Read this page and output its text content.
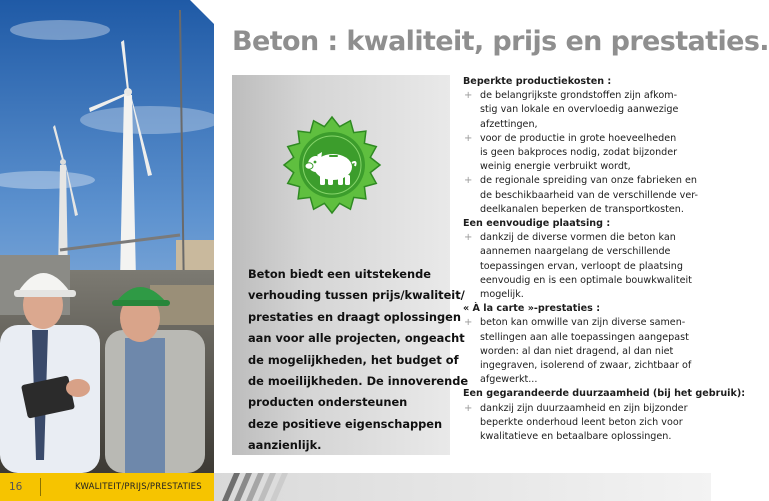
Beton : kwaliteit, prijs en prestaties.

Beton biedt een uitstekende
verhouding tussen prijs/kwaliteit/
prestaties en draagt oplossingen
aan voor alle projecten, ongeacht
de mogelijkheden, het budget of
de moeilijkheden. De innoverende
producten ondersteunen
deze positieve eigenschappen
aanzienlijk.

Beperkte productiekosten :
+ de belangrijkste grondstoffen zijn afkom-
stig van lokale en overvloedig aanwezige
afzettingen,
+ voor de productie in grote hoeveelheden
is geen bakproces nodig, zodat bijzonder
weinig energie verbruikt wordt,
+ de regionale spreiding van onze fabrieken en
de beschikbaarheid van de verschillende ver-
deelkanalen beperken de transportkosten.
Een eenvoudige plaatsing :
+ dankzij de diverse vormen die beton kan
aannemen naargelang de verschillende
toepassingen ervan, verloopt de plaatsing
eenvoudig en is een optimale bouwkwaliteit
mogelijk.
« À la carte »-prestaties :
+ beton kan omwille van zijn diverse samen-
stellingen aan alle toepassingen aangepast
worden: al dan niet dragend, al dan niet
ingegraven, isolerend of zwaar, zichtbaar of
afgewerkt...
Een gegarandeerde duurzaamheid (bij het gebruik):
+ dankzij zijn duurzaamheid en zijn bijzonder
beperkte onderhoud leent beton zich voor
kwalitatieve en betaalbare oplossingen.
16	KWALITEIT/PRIJS/PRESTATIES
